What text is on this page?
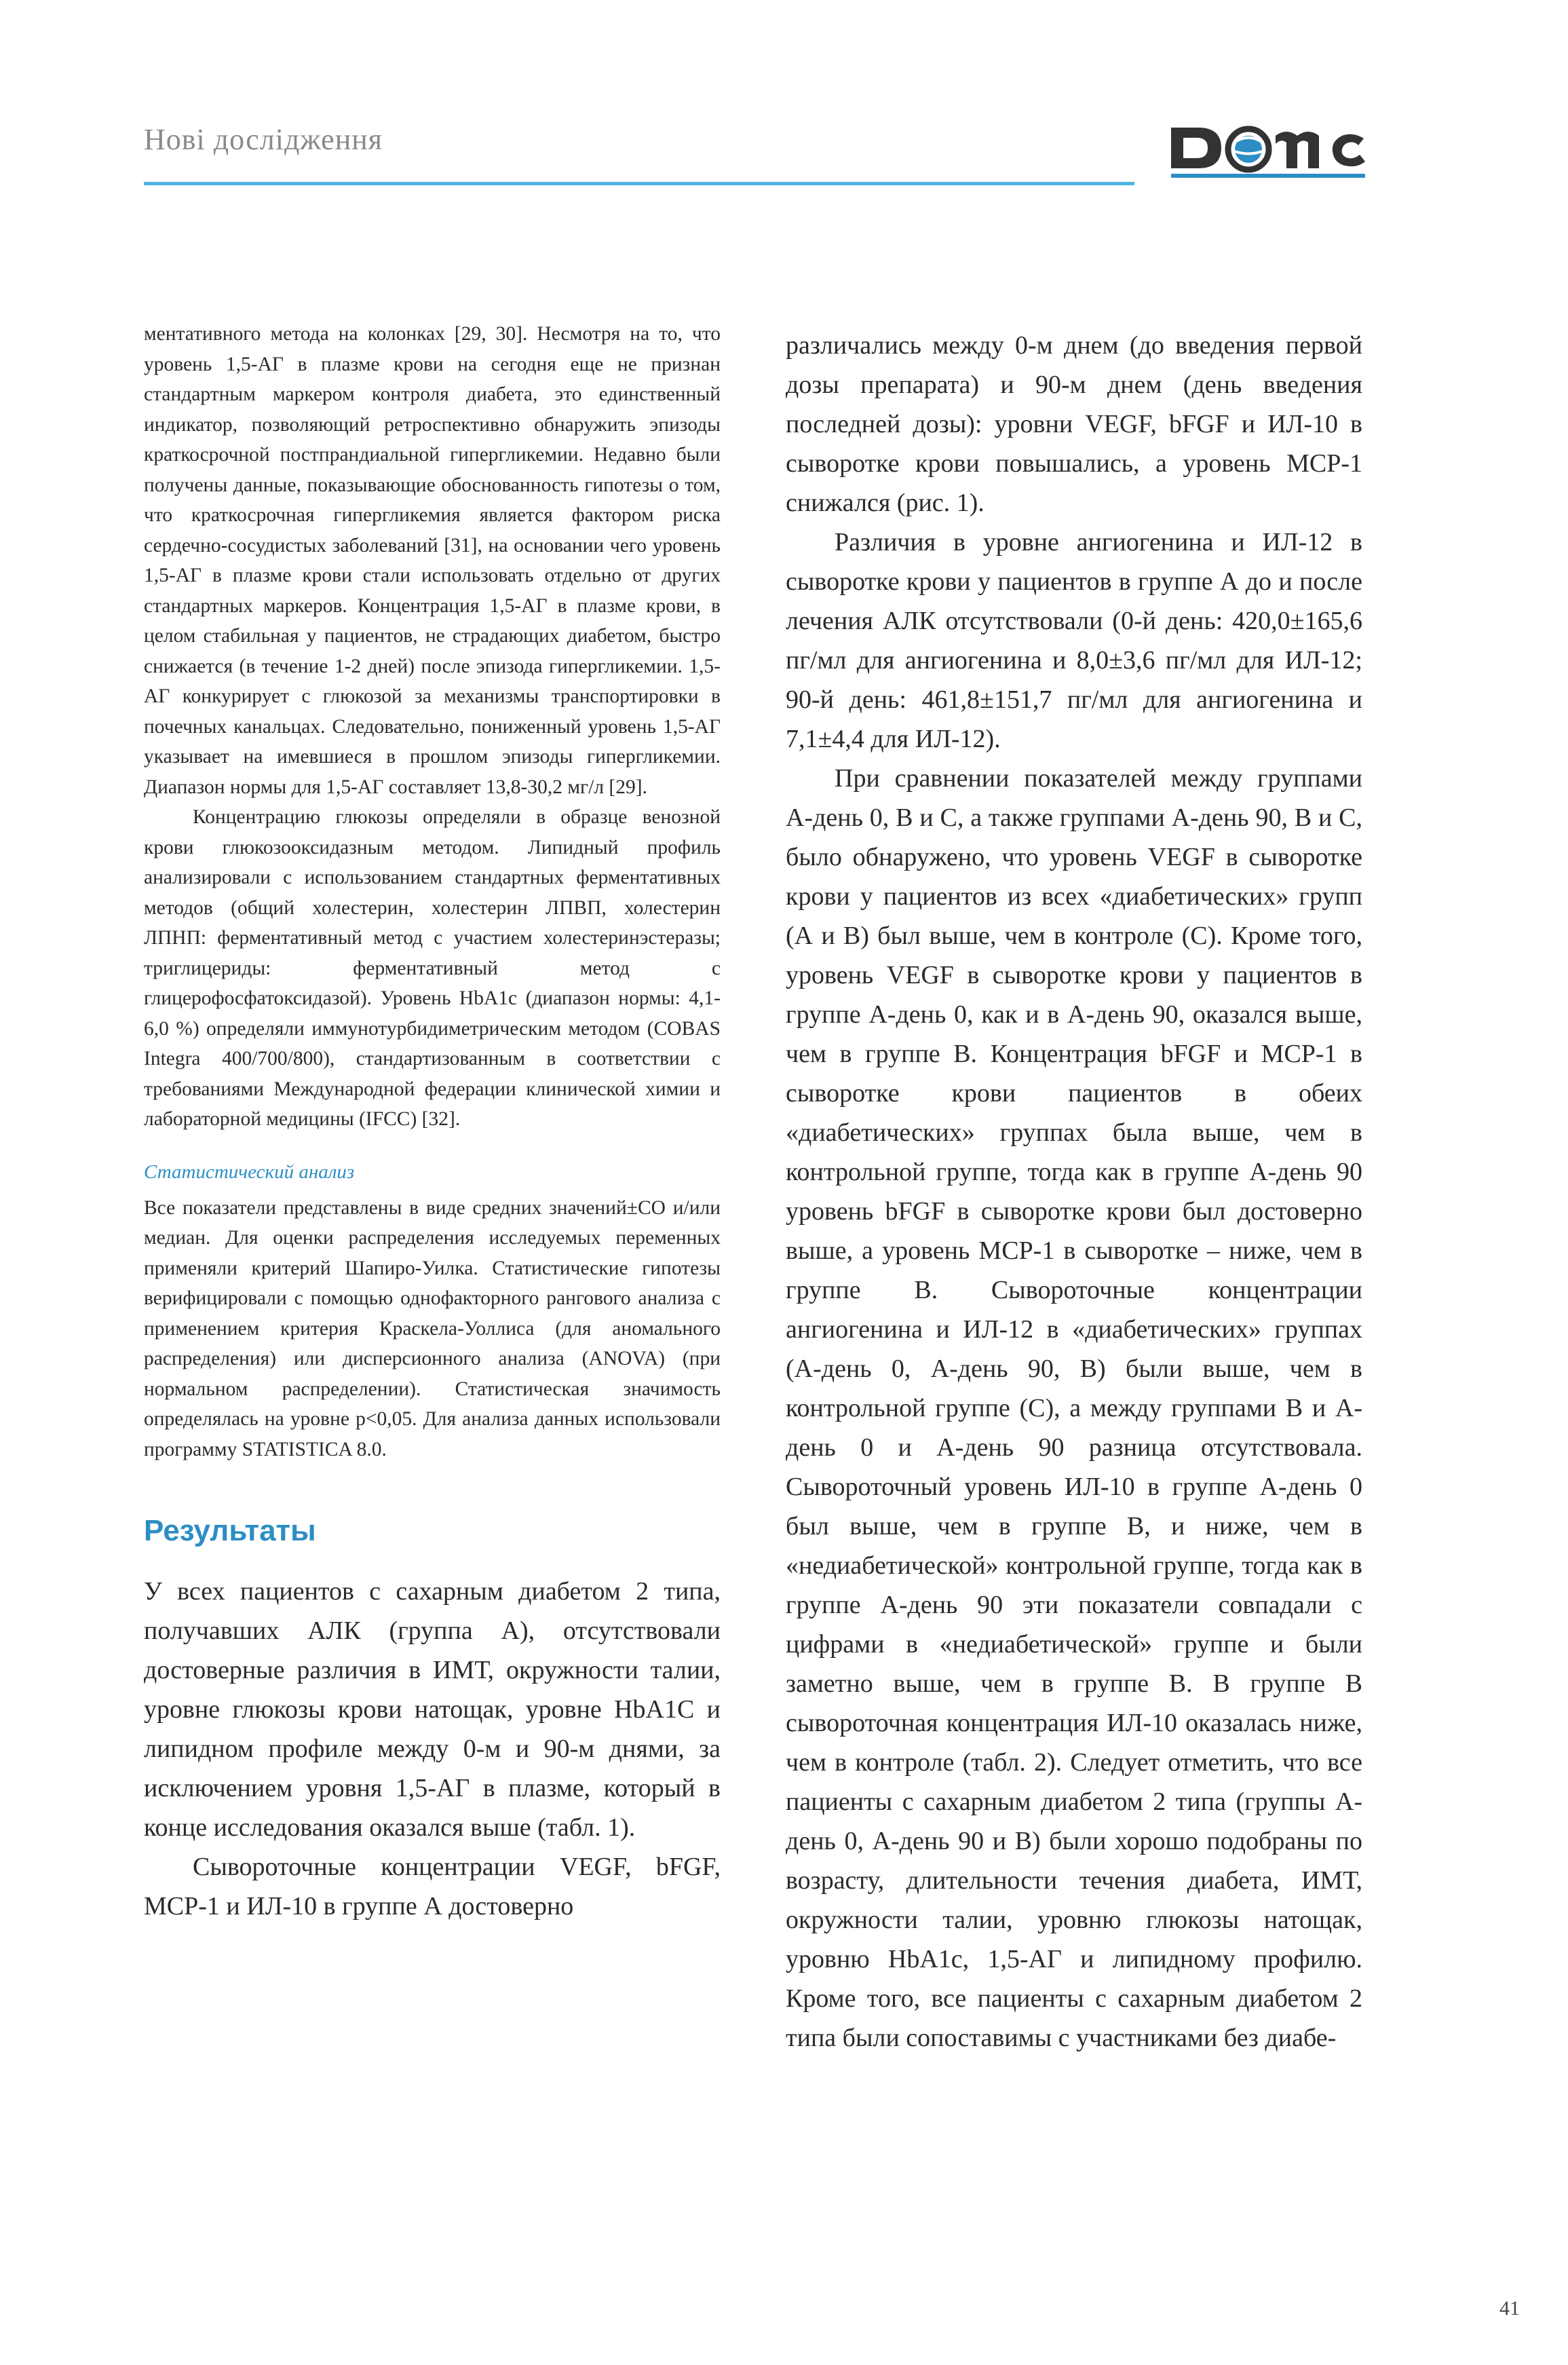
Нові дослідження

ментативного метода на колонках [29, 30]. Несмотря на то, что уровень 1,5-АГ в плазме крови на сегодня еще не признан стандартным маркером контроля диабета, это единственный индикатор, позволяющий ретроспективно обнаружить эпизоды краткосрочной постпрандиальной гипергликемии. Недавно были получены данные, показывающие обоснованность гипотезы о том, что краткосрочная гипергликемия является фактором риска сердечно-сосудистых заболеваний [31], на основании чего уровень 1,5-АГ в плазме крови стали использовать отдельно от других стандартных маркеров. Концентрация 1,5-АГ в плазме крови, в целом стабильная у пациентов, не страдающих диабетом, быстро снижается (в течение 1-2 дней) после эпизода гипергликемии. 1,5-АГ конкурирует с глюкозой за механизмы транспортировки в почечных канальцах. Следовательно, пониженный уровень 1,5-АГ указывает на имевшиеся в прошлом эпизоды гипергликемии. Диапазон нормы для 1,5-АГ составляет 13,8-30,2 мг/л [29].

Концентрацию глюкозы определяли в образце венозной крови глюкозооксидазным методом. Липидный профиль анализировали с использованием стандартных ферментативных методов (общий холестерин, холестерин ЛПВП, холестерин ЛПНП: ферментативный метод с участием холестеринэстеразы; триглицериды: ферментативный метод с глицерофосфатоксидазой). Уровень HbA1c (диапазон нормы: 4,1-6,0 %) определяли иммунотурбидиметрическим методом (COBAS Integra 400/700/800), стандартизованным в соответствии с требованиями Международной федерации клинической химии и лабораторной медицины (IFCC) [32].

Статистический анализ

Все показатели представлены в виде средних значений±СО и/или медиан. Для оценки распределения исследуемых переменных применяли критерий Шапиро-Уилка. Статистические гипотезы верифицировали с помощью однофакторного рангового анализа с применением критерия Краскела-Уоллиса (для аномального распределения) или дисперсионного анализа (ANOVA) (при нормальном распределении). Статистическая значимость определялась на уровне p<0,05. Для анализа данных использовали программу STATISTICA 8.0.

Результаты

У всех пациентов с сахарным диабетом 2 типа, получавших АЛК (группа А), отсутствовали достоверные различия в ИМТ, окружности талии, уровне глюкозы крови натощак, уровне HbA1C и липидном профиле между 0-м и 90-м днями, за исключением уровня 1,5-АГ в плазме, который в конце исследования оказался выше (табл. 1).

Сывороточные концентрации VEGF, bFGF, MCP-1 и ИЛ-10 в группе А достоверно

различались между 0-м днем (до введения первой дозы препарата) и 90-м днем (день введения последней дозы): уровни VEGF, bFGF и ИЛ-10 в сыворотке крови повышались, а уровень MCP-1 снижался (рис. 1).

Различия в уровне ангиогенина и ИЛ-12 в сыворотке крови у пациентов в группе А до и после лечения АЛК отсутствовали (0-й день: 420,0±165,6 пг/мл для ангиогенина и 8,0±3,6 пг/мл для ИЛ-12; 90-й день: 461,8±151,7 пг/мл для ангиогенина и 7,1±4,4 для ИЛ-12).

При сравнении показателей между группами А-день 0, В и С, а также группами А-день 90, В и С, было обнаружено, что уровень VEGF в сыворотке крови у пациентов из всех «диабетических» групп (А и В) был выше, чем в контроле (С). Кроме того, уровень VEGF в сыворотке крови у пациентов в группе А-день 0, как и в А-день 90, оказался выше, чем в группе В. Концентрация bFGF и MCP-1 в сыворотке крови пациентов в обеих «диабетических» группах была выше, чем в контрольной группе, тогда как в группе А-день 90 уровень bFGF в сыворотке крови был достоверно выше, а уровень MCP-1 в сыворотке – ниже, чем в группе В. Сывороточные концентрации ангиогенина и ИЛ-12 в «диабетических» группах (А-день 0, А-день 90, В) были выше, чем в контрольной группе (С), а между группами В и А-день 0 и А-день 90 разница отсутствовала. Сывороточный уровень ИЛ-10 в группе А-день 0 был выше, чем в группе В, и ниже, чем в «недиабетической» контрольной группе, тогда как в группе А-день 90 эти показатели совпадали с цифрами в «недиабетической» группе и были заметно выше, чем в группе В. В группе В сывороточная концентрация ИЛ-10 оказалась ниже, чем в контроле (табл. 2). Следует отметить, что все пациенты с сахарным диабетом 2 типа (группы А-день 0, А-день 90 и В) были хорошо подобраны по возрасту, длительности течения диабета, ИМТ, окружности талии, уровню глюкозы натощак, уровню HbA1c, 1,5-АГ и липидному профилю. Кроме того, все пациенты с сахарным диабетом 2 типа были сопоставимы с участниками без диабе-

41
